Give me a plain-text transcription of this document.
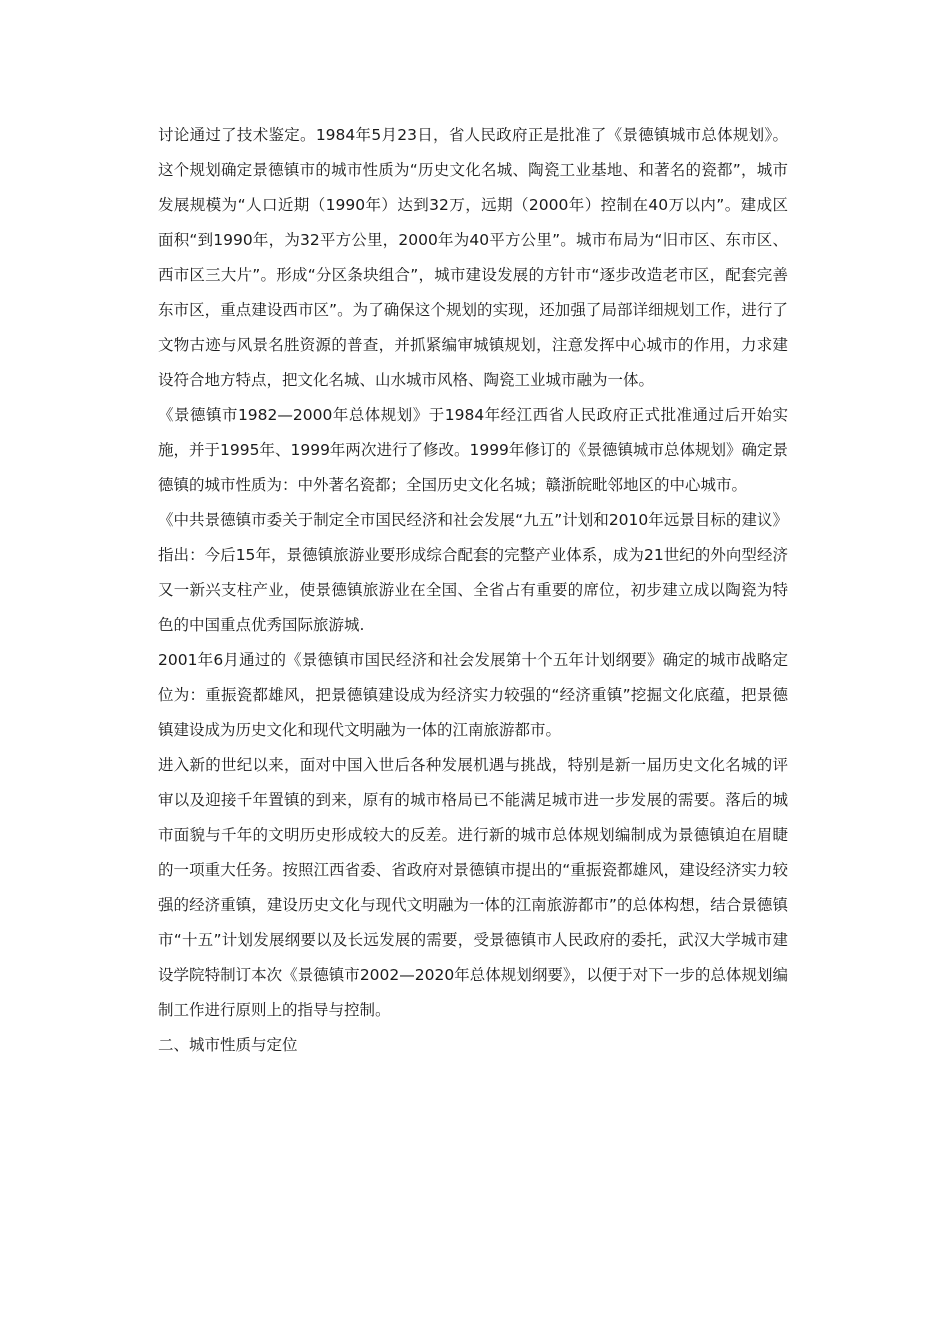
讨论通过了技术鉴定。1984年5月23日，省人民政府正是批准了《景德镇城市总体规划》。这个规划确定景德镇市的城市性质为“历史文化名城、陶瓷工业基地、和著名的瓷都”，城市发展规模为“人口近期（1990年）达到32万，远期（2000年）控制在40万以内”。建成区面积“到1990年，为32平方公里，2000年为40平方公里”。城市布局为“旧市区、东市区、西市区三大片”。形成“分区条块组合”，城市建设发展的方针市“逐步改造老市区，配套完善东市区，重点建设西市区”。为了确保这个规划的实现，还加强了局部详细规划工作，进行了文物古迹与风景名胜资源的普查，并抓紧编审城镇规划，注意发挥中心城市的作用，力求建设符合地方特点，把文化名城、山水城市风格、陶瓷工业城市融为一体。

《景德镇市1982—2000年总体规划》于1984年经江西省人民政府正式批准通过后开始实施，并于1995年、1999年两次进行了修改。1999年修订的《景德镇城市总体规划》确定景德镇的城市性质为：中外著名瓷都；全国历史文化名城；赣浙皖毗邻地区的中心城市。

《中共景德镇市委关于制定全市国民经济和社会发展“九五”计划和2010年远景目标的建议》指出：今后15年，景德镇旅游业要形成综合配套的完整产业体系，成为21世纪的外向型经济又一新兴支柱产业，使景德镇旅游业在全国、全省占有重要的席位，初步建立成以陶瓷为特色的中国重点优秀国际旅游城.

2001年6月通过的《景德镇市国民经济和社会发展第十个五年计划纲要》确定的城市战略定位为：重振瓷都雄风，把景德镇建设成为经济实力较强的“经济重镇”挖掘文化底蕴，把景德镇建设成为历史文化和现代文明融为一体的江南旅游都市。

进入新的世纪以来，面对中国入世后各种发展机遇与挑战，特别是新一届历史文化名城的评审以及迎接千年置镇的到来，原有的城市格局已不能满足城市进一步发展的需要。落后的城市面貌与千年的文明历史形成较大的反差。进行新的城市总体规划编制成为景德镇迫在眉睫的一项重大任务。按照江西省委、省政府对景德镇市提出的“重振瓷都雄风，建设经济实力较强的经济重镇，建设历史文化与现代文明融为一体的江南旅游都市”的总体构想，结合景德镇市“十五”计划发展纲要以及长远发展的需要，受景德镇市人民政府的委托，武汉大学城市建设学院特制订本次《景德镇市2002—2020年总体规划纲要》，以便于对下一步的总体规划编制工作进行原则上的指导与控制。

二、城市性质与定位
